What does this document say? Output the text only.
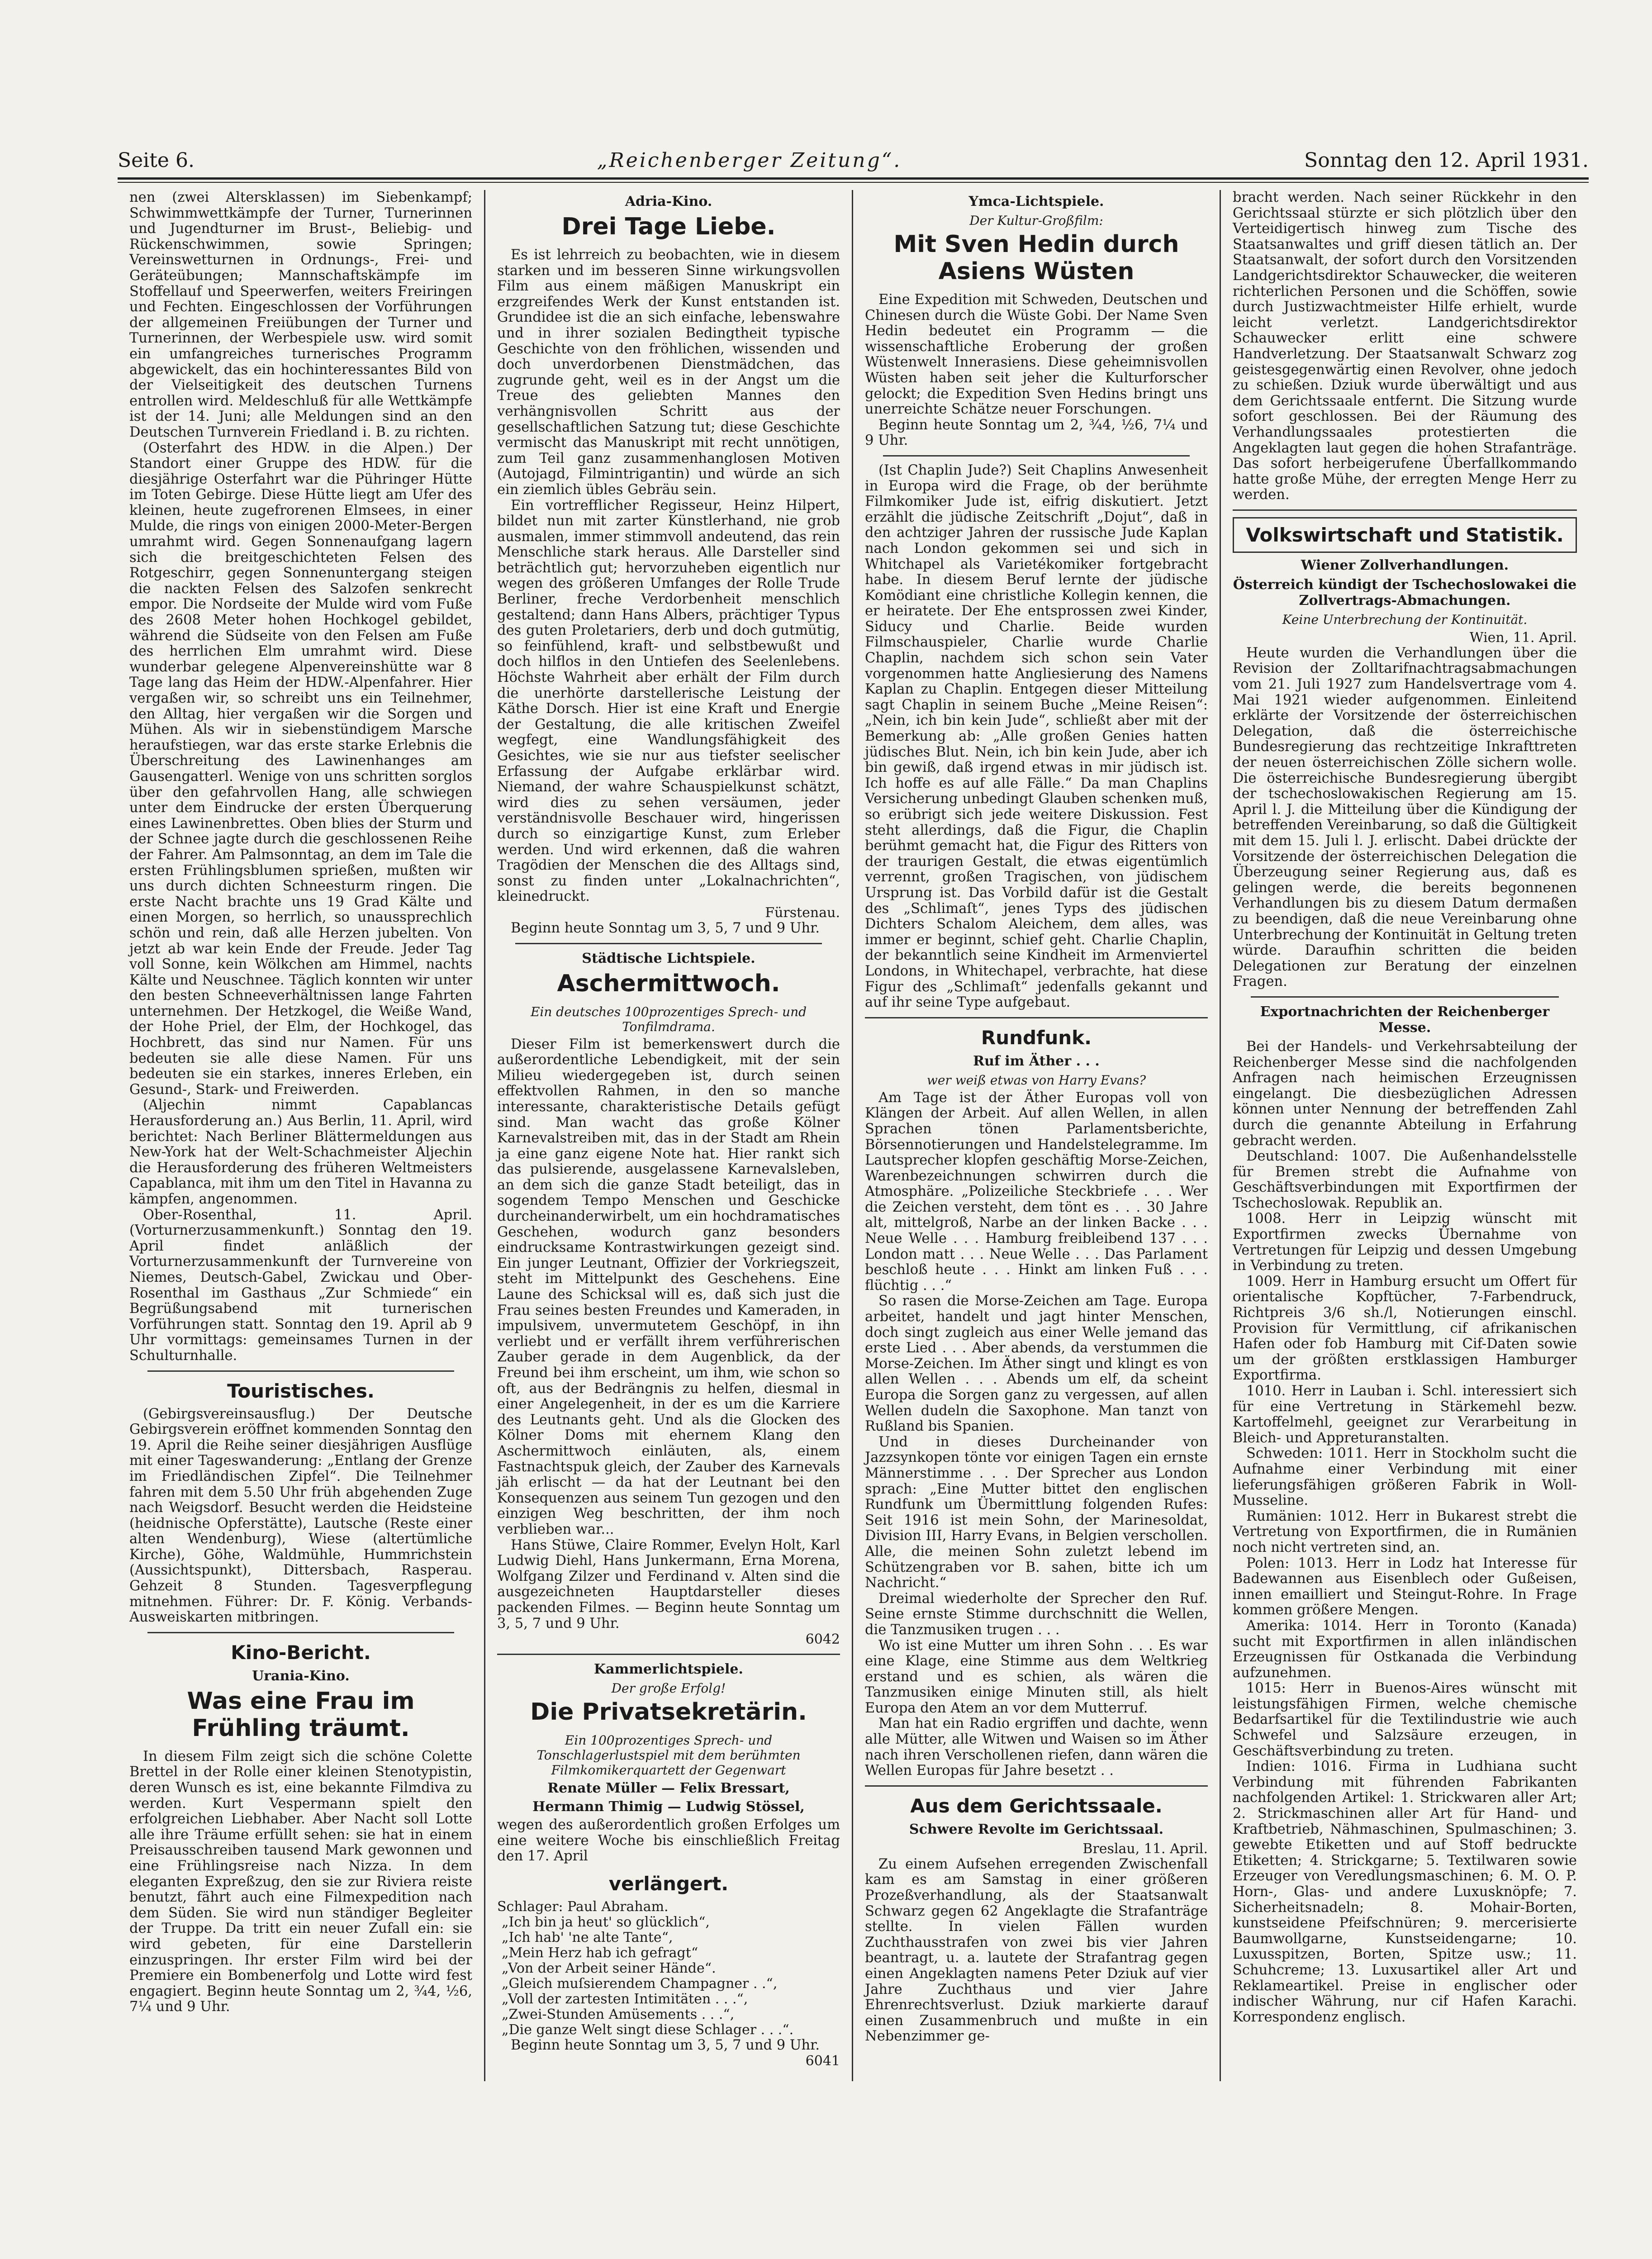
Seite 6.	„Reichenberger Zeitung“.	Sonntag den 12. April 1931.

nen (zwei Altersklassen) im Siebenkampf; Schwimmwettkämpfe der Turner, Turnerinnen und Jugendturner im Brust-, Beliebig- und Rückenschwimmen, sowie Springen; Vereinswetturnen in Ordnungs-, Frei- und Geräteübungen; Mannschaftskämpfe im Stoffellauf und Speerwerfen, weiters Freiringen und Fechten. Eingeschlossen der Vorführungen der allgemeinen Freiübungen der Turner und Turnerinnen, der Werbespiele usw. wird somit ein umfangreiches turnerisches Programm abgewickelt, das ein hochinteressantes Bild von der Vielseitigkeit des deutschen Turnens entrollen wird. Meldeschluß für alle Wettkämpfe ist der 14. Juni; alle Meldungen sind an den Deutschen Turnverein Friedland i. B. zu richten.

(Osterfahrt des HDW. in die Alpen.) Der Standort einer Gruppe des HDW. für die diesjährige Osterfahrt war die Pühringer Hütte im Toten Gebirge. Diese Hütte liegt am Ufer des kleinen, heute zugefrorenen Elmsees, in einer Mulde, die rings von einigen 2000-Meter-Bergen umrahmt wird. Gegen Sonnenaufgang lagern sich die breitgeschichteten Felsen des Rotgeschirr, gegen Sonnenuntergang steigen die nackten Felsen des Salzofen senkrecht empor. Die Nordseite der Mulde wird vom Fuße des 2608 Meter hohen Hochkogel gebildet, während die Südseite von den Felsen am Fuße des herrlichen Elm umrahmt wird. Diese wunderbar gelegene Alpenvereinshütte war 8 Tage lang das Heim der HDW.-Alpenfahrer. Hier vergaßen wir, so schreibt uns ein Teilnehmer, den Alltag, hier vergaßen wir die Sorgen und Mühen. Als wir in siebenstündigem Marsche heraufstiegen, war das erste starke Erlebnis die Überschreitung des Lawinenhanges am Gausengatterl. Wenige von uns schritten sorglos über den gefahrvollen Hang, alle schwiegen unter dem Eindrucke der ersten Überquerung eines Lawinenbrettes. Oben blies der Sturm und der Schnee jagte durch die geschlossenen Reihe der Fahrer. Am Palmsonntag, an dem im Tale die ersten Frühlingsblumen sprießen, mußten wir uns durch dichten Schneesturm ringen. Die erste Nacht brachte uns 19 Grad Kälte und einen Morgen, so herrlich, so unaussprechlich schön und rein, daß alle Herzen jubelten. Von jetzt ab war kein Ende der Freude. Jeder Tag voll Sonne, kein Wölkchen am Himmel, nachts Kälte und Neuschnee. Täglich konnten wir unter den besten Schneeverhältnissen lange Fahrten unternehmen. Der Hetzkogel, die Weiße Wand, der Hohe Priel, der Elm, der Hochkogel, das Hochbrett, das sind nur Namen. Für uns bedeuten sie alle diese Namen. Für uns bedeuten sie ein starkes, inneres Erleben, ein Gesund-, Stark- und Freiwerden.

(Aljechin nimmt Capablancas Herausforderung an.) Aus Berlin, 11. April, wird berichtet: Nach Berliner Blättermeldungen aus New-York hat der Welt-Schachmeister Aljechin die Herausforderung des früheren Weltmeisters Capablanca, mit ihm um den Titel in Havanna zu kämpfen, angenommen.

Ober-Rosenthal, 11. April. (Vorturnerzusammenkunft.) Sonntag den 19. April findet anläßlich der Vorturnerzusammenkunft der Turnvereine von Niemes, Deutsch-Gabel, Zwickau und Ober-Rosenthal im Gasthaus „Zur Schmiede“ ein Begrüßungsabend mit turnerischen Vorführungen statt. Sonntag den 19. April ab 9 Uhr vormittags: gemeinsames Turnen in der Schulturnhalle.

Touristisches.

(Gebirgsvereinsausflug.) Der Deutsche Gebirgsverein eröffnet kommenden Sonntag den 19. April die Reihe seiner diesjährigen Ausflüge mit einer Tageswanderung: „Entlang der Grenze im Friedländischen Zipfel“. Die Teilnehmer fahren mit dem 5.50 Uhr früh abgehenden Zuge nach Weigsdorf. Besucht werden die Heidsteine (heidnische Opferstätte), Lautsche (Reste einer alten Wendenburg), Wiese (altertümliche Kirche), Göhe, Waldmühle, Hummrichstein (Aussichtspunkt), Dittersbach, Rasperau. Gehzeit 8 Stunden. Tagesverpflegung mitnehmen. Führer: Dr. F. König. Verbands-Ausweiskarten mitbringen.

Kino-Bericht.
Urania-Kino.
Was eine Frau im Frühling träumt.

In diesem Film zeigt sich die schöne Colette Brettel in der Rolle einer kleinen Stenotypistin, deren Wunsch es ist, eine bekannte Filmdiva zu werden. Kurt Vespermann spielt den erfolgreichen Liebhaber. Aber Nacht soll Lotte alle ihre Träume erfüllt sehen: sie hat in einem Preisausschreiben tausend Mark gewonnen und eine Frühlingsreise nach Nizza. In dem eleganten Expreßzug, den sie zur Riviera reiste benutzt, fährt auch eine Filmexpedition nach dem Süden. Sie wird nun ständiger Begleiter der Truppe. Da tritt ein neuer Zufall ein: sie wird gebeten, für eine Darstellerin einzuspringen. Ihr erster Film wird bei der Premiere ein Bombenerfolg und Lotte wird fest engagiert. Beginn heute Sonntag um 2, ¾4, ½6, 7¼ und 9 Uhr.

Adria-Kino.
Drei Tage Liebe.

Es ist lehrreich zu beobachten, wie in diesem starken und im besseren Sinne wirkungsvollen Film aus einem mäßigen Manuskript ein erzgreifendes Werk der Kunst entstanden ist. Grundidee ist die an sich einfache, lebenswahre und in ihrer sozialen Bedingtheit typische Geschichte von den fröhlichen, wissenden und doch unverdorbenen Dienstmädchen, das zugrunde geht, weil es in der Angst um die Treue des geliebten Mannes den verhängnisvollen Schritt aus der gesellschaftlichen Satzung tut; diese Geschichte vermischt das Manuskript mit recht unnötigen, zum Teil ganz zusammenhanglosen Motiven (Autojagd, Filmintrigantin) und würde an sich ein ziemlich übles Gebräu sein.

Ein vortrefflicher Regisseur, Heinz Hilpert, bildet nun mit zarter Künstlerhand, nie grob ausmalen, immer stimmvoll andeutend, das rein Menschliche stark heraus. Alle Darsteller sind beträchtlich gut; hervorzuheben eigentlich nur wegen des größeren Umfanges der Rolle Trude Berliner, freche Verdorbenheit menschlich gestaltend; dann Hans Albers, prächtiger Typus des guten Proletariers, derb und doch gutmütig, so feinfühlend, kraft- und selbstbewußt und doch hilflos in den Untiefen des Seelenlebens. Höchste Wahrheit aber erhält der Film durch die unerhörte darstellerische Leistung der Käthe Dorsch. Hier ist eine Kraft und Energie der Gestaltung, die alle kritischen Zweifel wegfegt, eine Wandlungsfähigkeit des Gesichtes, wie sie nur aus tiefster seelischer Erfassung der Aufgabe erklärbar wird. Niemand, der wahre Schauspielkunst schätzt, wird dies zu sehen versäumen, jeder verständnisvolle Beschauer wird, hingerissen durch so einzigartige Kunst, zum Erleber werden. Und wird erkennen, daß die wahren Tragödien der Menschen die des Alltags sind, sonst zu finden unter „Lokalnachrichten“, kleinedruckt.

Fürstenau.

Beginn heute Sonntag um 3, 5, 7 und 9 Uhr.

Städtische Lichtspiele.
Aschermittwoch.
Ein deutsches 100prozentiges Sprech- und Tonfilmdrama.

Dieser Film ist bemerkenswert durch die außerordentliche Lebendigkeit, mit der sein Milieu wiedergegeben ist, durch seinen effektvollen Rahmen, in den so manche interessante, charakteristische Details gefügt sind. Man wacht das große Kölner Karnevalstreiben mit, das in der Stadt am Rhein ja eine ganz eigene Note hat. Hier rankt sich das pulsierende, ausgelassene Karnevalsleben, an dem sich die ganze Stadt beteiligt, das in sogendem Tempo Menschen und Geschicke durcheinanderwirbelt, um ein hochdramatisches Geschehen, wodurch ganz besonders eindrucksame Kontrastwirkungen gezeigt sind. Ein junger Leutnant, Offizier der Vorkriegszeit, steht im Mittelpunkt des Geschehens. Eine Laune des Schicksal will es, daß sich just die Frau seines besten Freundes und Kameraden, in impulsivem, unvermutetem Geschöpf, in ihn verliebt und er verfällt ihrem verführerischen Zauber gerade in dem Augenblick, da der Freund bei ihm erscheint, um ihm, wie schon so oft, aus der Bedrängnis zu helfen, diesmal in einer Angelegenheit, in der es um die Karriere des Leutnants geht. Und als die Glocken des Kölner Doms mit ehernem Klang den Aschermittwoch einläuten, als, einem Fastnachtspuk gleich, der Zauber des Karnevals jäh erlischt — da hat der Leutnant bei den Konsequenzen aus seinem Tun gezogen und den einzigen Weg beschritten, der ihm noch verblieben war...

Hans Stüwe, Claire Rommer, Evelyn Holt, Karl Ludwig Diehl, Hans Junkermann, Erna Morena, Wolfgang Zilzer und Ferdinand v. Alten sind die ausgezeichneten Hauptdarsteller dieses packenden Filmes. — Beginn heute Sonntag um 3, 5, 7 und 9 Uhr.

6042
Kammerlichtspiele.
Der große Erfolg!
Die Privatsekretärin.
Ein 100prozentiges Sprech- und Tonschlagerlustspiel mit dem berühmten Filmkomikerquartett der Gegenwart
Renate Müller — Felix Bressart,
Hermann Thimig — Ludwig Stössel,

wegen des außerordentlich großen Erfolges um eine weitere Woche bis einschließlich Freitag den 17. April

verlängert.

Schlager: Paul Abraham.

„Ich bin ja heut' so glücklich“,

„Ich hab' 'ne alte Tante“,

„Mein Herz hab ich gefragt“

„Von der Arbeit seiner Hände“.

„Gleich muſsierendem Champagner . .“,

„Voll der zartesten Intimitäten . . .“,

„Zwei-Stunden Amüsements . . .“,

„Die ganze Welt singt diese Schlager . . .“.

Beginn heute Sonntag um 3, 5, 7 und 9 Uhr.

6041
Ymca-Lichtspiele.
Der Kultur-Großfilm:
Mit Sven Hedin durch Asiens Wüsten

Eine Expedition mit Schweden, Deutschen und Chinesen durch die Wüste Gobi. Der Name Sven Hedin bedeutet ein Programm — die wissenschaftliche Eroberung der großen Wüstenwelt Innerasiens. Diese geheimnisvollen Wüsten haben seit jeher die Kulturforscher gelockt; die Expedition Sven Hedins bringt uns unerreichte Schätze neuer Forschungen.

Beginn heute Sonntag um 2, ¾4, ½6, 7¼ und 9 Uhr.

(Ist Chaplin Jude?) Seit Chaplins Anwesenheit in Europa wird die Frage, ob der berühmte Filmkomiker Jude ist, eifrig diskutiert. Jetzt erzählt die jüdische Zeitschrift „Dojut“, daß in den achtziger Jahren der russische Jude Kaplan nach London gekommen sei und sich in Whitchapel als Varietékomiker fortgebracht habe. In diesem Beruf lernte der jüdische Komödiant eine christliche Kollegin kennen, die er heiratete. Der Ehe entsprossen zwei Kinder, Siducy und Charlie. Beide wurden Filmschauspieler, Charlie wurde Charlie Chaplin, nachdem sich schon sein Vater vorgenommen hatte Angliesierung des Namens Kaplan zu Chaplin. Entgegen dieser Mitteilung sagt Chaplin in seinem Buche „Meine Reisen“: „Nein, ich bin kein Jude“, schließt aber mit der Bemerkung ab: „Alle großen Genies hatten jüdisches Blut. Nein, ich bin kein Jude, aber ich bin gewiß, daß irgend etwas in mir jüdisch ist. Ich hoffe es auf alle Fälle.“ Da man Chaplins Versicherung unbedingt Glauben schenken muß, so erübrigt sich jede weitere Diskussion. Fest steht allerdings, daß die Figur, die Chaplin berühmt gemacht hat, die Figur des Ritters von der traurigen Gestalt, die etwas eigentümlich verrennt, großen Tragischen, von jüdischem Ursprung ist. Das Vorbild dafür ist die Gestalt des „Schlimaſt“, jenes Typs des jüdischen Dichters Schalom Aleichem, dem alles, was immer er beginnt, schief geht. Charlie Chaplin, der bekanntlich seine Kindheit im Armenviertel Londons, in Whitechapel, verbrachte, hat diese Figur des „Schlimaſt“ jedenfalls gekannt und auf ihr seine Type aufgebaut.

Rundfunk.
Ruf im Äther . . .
wer weiß etwas von Harry Evans?

Am Tage ist der Äther Europas voll von Klängen der Arbeit. Auf allen Wellen, in allen Sprachen tönen Parlamentsberichte, Börsennotierungen und Handelstelegramme. Im Lautsprecher klopfen geschäftig Morse-Zeichen, Warenbezeichnungen schwirren durch die Atmosphäre. „Polizeiliche Steckbriefe . . . Wer die Zeichen versteht, dem tönt es . . . 30 Jahre alt, mittelgroß, Narbe an der linken Backe . . . Neue Welle . . . Hamburg freibleibend 137 . . . London matt . . . Neue Welle . . . Das Parlament beschloß heute . . . Hinkt am linken Fuß . . . flüchtig . . .“

So rasen die Morse-Zeichen am Tage. Europa arbeitet, handelt und jagt hinter Menschen, doch singt zugleich aus einer Welle jemand das erste Lied . . . Aber abends, da verstummen die Morse-Zeichen. Im Äther singt und klingt es von allen Wellen . . . Abends um elf, da scheint Europa die Sorgen ganz zu vergessen, auf allen Wellen dudeln die Saxophone. Man tanzt von Rußland bis Spanien.

Und in dieses Durcheinander von Jazzsynkopen tönte vor einigen Tagen ein ernste Männerstimme . . . Der Sprecher aus London sprach: „Eine Mutter bittet den englischen Rundfunk um Übermittlung folgenden Rufes: Seit 1916 ist mein Sohn, der Marinesoldat, Division III, Harry Evans, in Belgien verschollen. Alle, die meinen Sohn zuletzt lebend im Schützengraben vor B. sahen, bitte ich um Nachricht.“

Dreimal wiederholte der Sprecher den Ruf. Seine ernste Stimme durchschnitt die Wellen, die Tanzmusiken trugen . . .

Wo ist eine Mutter um ihren Sohn . . . Es war eine Klage, eine Stimme aus dem Weltkrieg erstand und es schien, als wären die Tanzmusiken einige Minuten still, als hielt Europa den Atem an vor dem Mutterruf.

Man hat ein Radio ergriffen und dachte, wenn alle Mütter, alle Witwen und Waisen so im Äther nach ihren Verschollenen riefen, dann wären die Wellen Europas für Jahre besetzt . .

Aus dem Gerichtssaale.
Schwere Revolte im Gerichtssaal.
Breslau, 11. April.

Zu einem Aufsehen erregenden Zwischenfall kam es am Samstag in einer größeren Prozeßverhandlung, als der Staatsanwalt Schwarz gegen 62 Angeklagte die Strafanträge stellte. In vielen Fällen wurden Zuchthausstrafen von zwei bis vier Jahren beantragt, u. a. lautete der Strafantrag gegen einen Angeklagten namens Peter Dziuk auf vier Jahre Zuchthaus und vier Jahre Ehrenrechtsverlust. Dziuk markierte darauf einen Zusammenbruch und mußte in ein Nebenzimmer ge-

bracht werden. Nach seiner Rückkehr in den Gerichtssaal stürzte er sich plötzlich über den Verteidigertisch hinweg zum Tische des Staatsanwaltes und griff diesen tätlich an. Der Staatsanwalt, der sofort durch den Vorsitzenden Landgerichtsdirektor Schauwecker, die weiteren richterlichen Personen und die Schöffen, sowie durch Justizwachtmeister Hilfe erhielt, wurde leicht verletzt. Landgerichtsdirektor Schauwecker erlitt eine schwere Handverletzung. Der Staatsanwalt Schwarz zog geistesgegenwärtig einen Revolver, ohne jedoch zu schießen. Dziuk wurde überwältigt und aus dem Gerichtssaale entfernt. Die Sitzung wurde sofort geschlossen. Bei der Räumung des Verhandlungssaales protestierten die Angeklagten laut gegen die hohen Strafanträge. Das sofort herbeigerufene Überfallkommando hatte große Mühe, der erregten Menge Herr zu werden.

Volkswirtschaft und Statistik.
Wiener Zollverhandlungen.
Österreich kündigt der Tschechoslowakei die Zollvertrags-Abmachungen.
Keine Unterbrechung der Kontinuität.
Wien, 11. April.

Heute wurden die Verhandlungen über die Revision der Zolltarifnachtragsabmachungen vom 21. Juli 1927 zum Handelsvertrage vom 4. Mai 1921 wieder aufgenommen. Einleitend erklärte der Vorsitzende der österreichischen Delegation, daß die österreichische Bundesregierung das rechtzeitige Inkrafttreten der neuen österreichischen Zölle sichern wolle. Die österreichische Bundesregierung übergibt der tschechoslowakischen Regierung am 15. April l. J. die Mitteilung über die Kündigung der betreffenden Vereinbarung, so daß die Gültigkeit mit dem 15. Juli l. J. erlischt. Dabei drückte der Vorsitzende der österreichischen Delegation die Überzeugung seiner Regierung aus, daß es gelingen werde, die bereits begonnenen Verhandlungen bis zu diesem Datum dermaßen zu beendigen, daß die neue Vereinbarung ohne Unterbrechung der Kontinuität in Geltung treten würde. Daraufhin schritten die beiden Delegationen zur Beratung der einzelnen Fragen.

Exportnachrichten der Reichenberger Messe.

Bei der Handels- und Verkehrsabteilung der Reichenberger Messe sind die nachfolgenden Anfragen nach heimischen Erzeugnissen eingelangt. Die diesbezüglichen Adressen können unter Nennung der betreffenden Zahl durch die genannte Abteilung in Erfahrung gebracht werden.

Deutschland: 1007. Die Außenhandelsstelle für Bremen strebt die Aufnahme von Geschäftsverbindungen mit Exportfirmen der Tschechoslowak. Republik an.

1008. Herr in Leipzig wünscht mit Exportfirmen zwecks Übernahme von Vertretungen für Leipzig und dessen Umgebung in Verbindung zu treten.

1009. Herr in Hamburg ersucht um Offert für orientalische Kopftücher, 7-Farbendruck, Richtpreis 3/6 sh./l, Notierungen einschl. Provision für Vermittlung, cif afrikanischen Hafen oder fob Hamburg mit Cif-Daten sowie um der größten erstklassigen Hamburger Exportfirma.

1010. Herr in Lauban i. Schl. interessiert sich für eine Vertretung in Stärkemehl bezw. Kartoffelmehl, geeignet zur Verarbeitung in Bleich- und Appreturanstalten.

Schweden: 1011. Herr in Stockholm sucht die Aufnahme einer Verbindung mit einer lieferungsfähigen größeren Fabrik in Woll-Musseline.

Rumänien: 1012. Herr in Bukarest strebt die Vertretung von Exportfirmen, die in Rumänien noch nicht vertreten sind, an.

Polen: 1013. Herr in Lodz hat Interesse für Badewannen aus Eisenblech oder Gußeisen, innen emailliert und Steingut-Rohre. In Frage kommen größere Mengen.

Amerika: 1014. Herr in Toronto (Kanada) sucht mit Exportfirmen in allen inländischen Erzeugnissen für Ostkanada die Verbindung aufzunehmen.

1015: Herr in Buenos-Aires wünscht mit leistungsfähigen Firmen, welche chemische Bedarfsartikel für die Textilindustrie wie auch Schwefel und Salzsäure erzeugen, in Geschäftsverbindung zu treten.

Indien: 1016. Firma in Ludhiana sucht Verbindung mit führenden Fabrikanten nachfolgenden Artikel: 1. Strickwaren aller Art; 2. Strickmaschinen aller Art für Hand- und Kraftbetrieb, Nähmaschinen, Spulmaschinen; 3. gewebte Etiketten und auf Stoff bedruckte Etiketten; 4. Strickgarne; 5. Textilwaren sowie Erzeuger von Veredlungsmaschinen; 6. M. O. P. Horn-, Glas- und andere Luxusknöpfe; 7. Sicherheitsnadeln; 8. Mohair-Borten, kunstseidene Pfeifschnüren; 9. mercerisierte Baumwollgarne, Kunstseidengarne; 10. Luxusspitzen, Borten, Spitze usw.; 11. Schuhcreme; 13. Luxusartikel aller Art und Reklameartikel. Preise in englischer oder indischer Währung, nur cif Hafen Karachi. Korrespondenz englisch.
